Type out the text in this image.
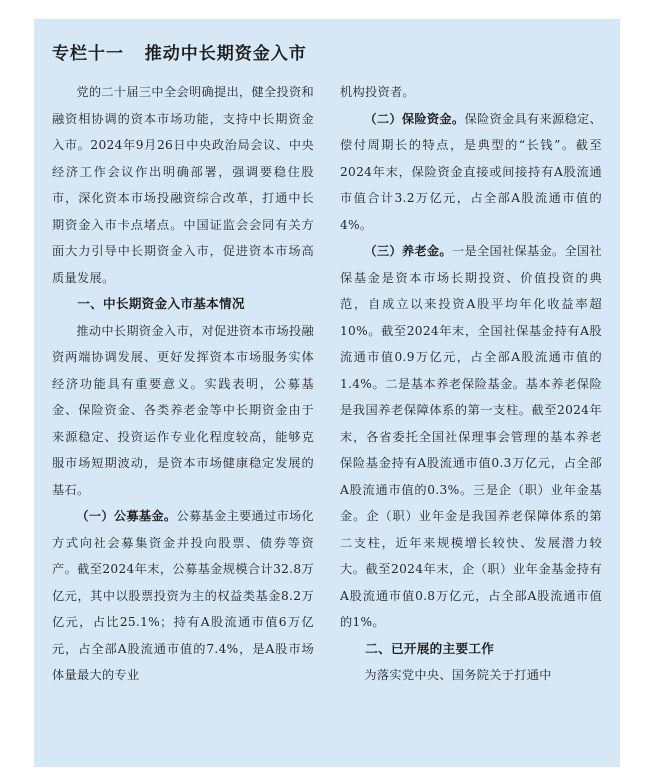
专栏十一   推动中长期资金入市

党的二十届三中全会明确提出，健全投资和融资相协调的资本市场功能，支持中长期资金入市。2024年9月26日中央政治局会议、中央经济工作会议作出明确部署，强调要稳住股市，深化资本市场投融资综合改革，打通中长期资金入市卡点堵点。中国证监会会同有关方面大力引导中长期资金入市，促进资本市场高质量发展。

一、中长期资金入市基本情况

推动中长期资金入市，对促进资本市场投融资两端协调发展、更好发挥资本市场服务实体经济功能具有重要意义。实践表明，公募基金、保险资金、各类养老金等中长期资金由于来源稳定、投资运作专业化程度较高，能够克服市场短期波动，是资本市场健康稳定发展的基石。

（一）公募基金。公募基金主要通过市场化方式向社会募集资金并投向股票、债券等资产。截至2024年末，公募基金规模合计32.8万亿元，其中以股票投资为主的权益类基金8.2万亿元，占比25.1%；持有A股流通市值6万亿元，占全部A股流通市值的7.4%，是A股市场体量最大的专业

机构投资者。

（二）保险资金。保险资金具有来源稳定、偿付周期长的特点，是典型的“长钱”。截至2024年末，保险资金直接或间接持有A股流通市值合计3.2万亿元，占全部A股流通市值的4%。

（三）养老金。一是全国社保基金。全国社保基金是资本市场长期投资、价值投资的典范，自成立以来投资A股平均年化收益率超10%。截至2024年末，全国社保基金持有A股流通市值0.9万亿元，占全部A股流通市值的1.4%。二是基本养老保险基金。基本养老保险是我国养老保障体系的第一支柱。截至2024年末，各省委托全国社保理事会管理的基本养老保险基金持有A股流通市值0.3万亿元，占全部A股流通市值的0.3%。三是企（职）业年金基金。企（职）业年金是我国养老保障体系的第二支柱，近年来规模增长较快、发展潜力较大。截至2024年末，企（职）业年金基金持有A股流通市值0.8万亿元，占全部A股流通市值的1%。

二、已开展的主要工作

为落实党中央、国务院关于打通中
